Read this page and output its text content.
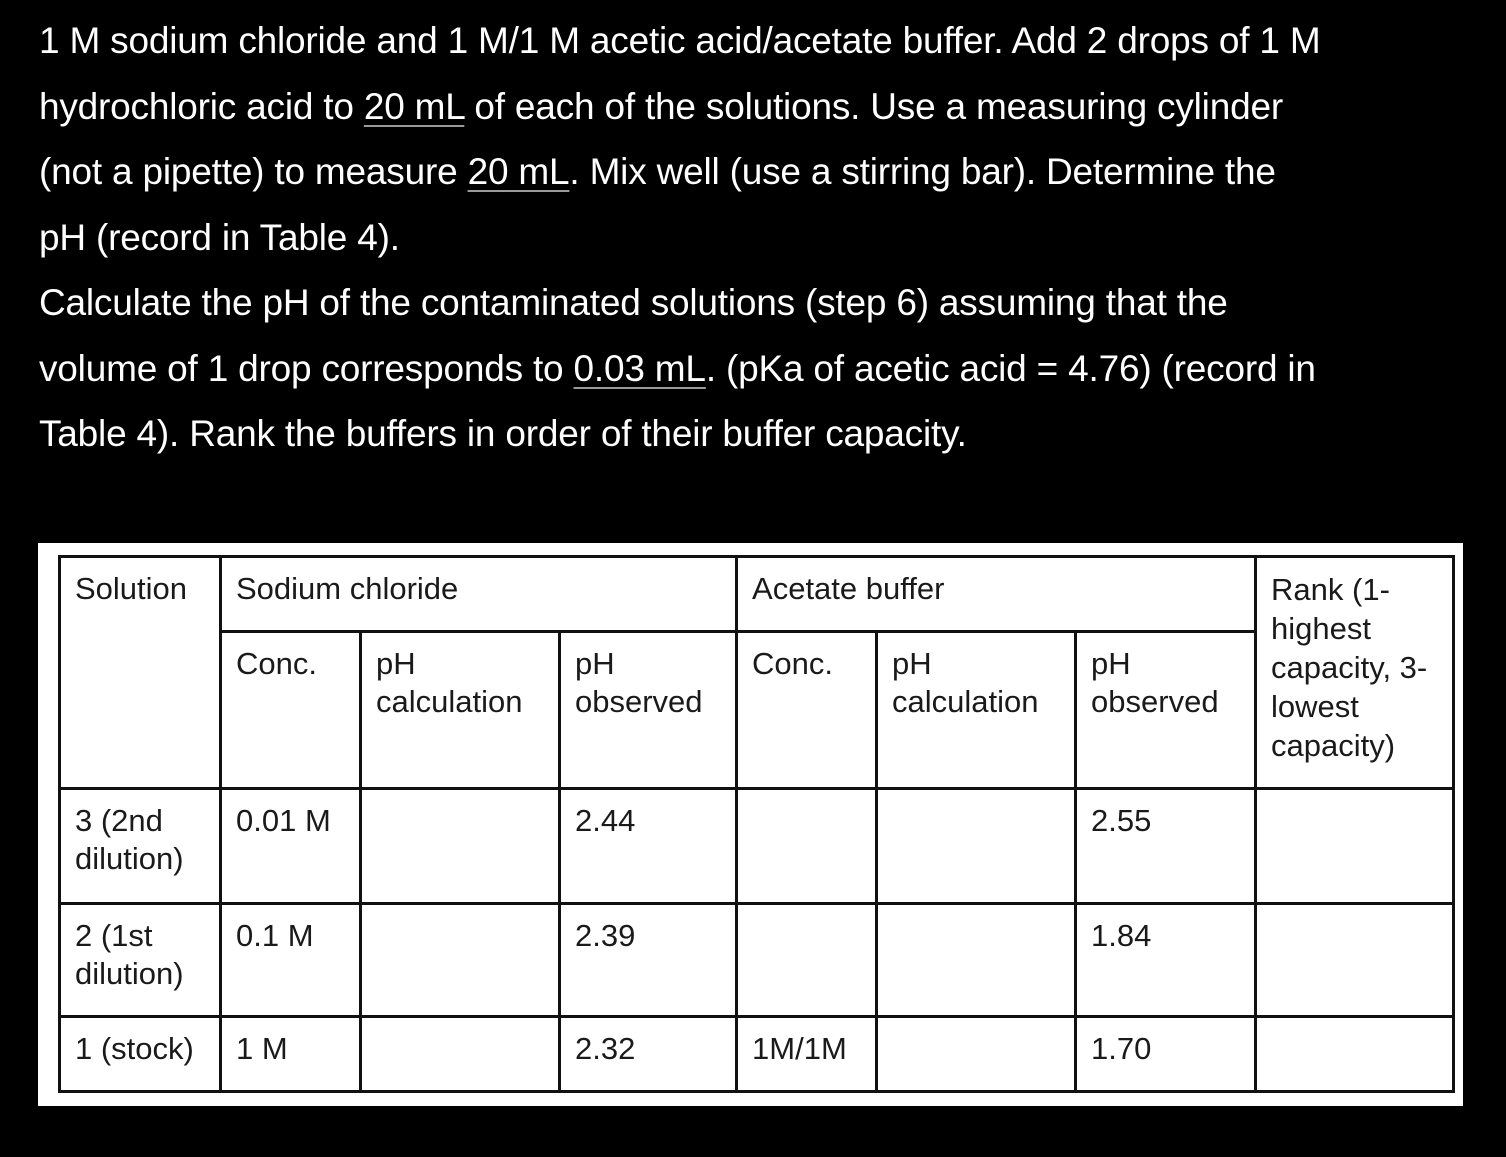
1 M sodium chloride and 1 M/1 M acetic acid/acetate buffer. Add 2 drops of 1 M
hydrochloric acid to 20 mL of each of the solutions. Use a measuring cylinder
(not a pipette) to measure 20 mL. Mix well (use a stirring bar). Determine the
pH (record in Table 4).
Calculate the pH of the contaminated solutions (step 6) assuming that the
volume of 1 drop corresponds to 0.03 mL. (pKa of acetic acid = 4.76) (record in
Table 4). Rank the buffers in order of their buffer capacity.
Solution	Sodium chloride			Acetate buffer			Rank (1-highest capacity, 3-lowest capacity)
	Conc.	pH calculation	pH observed	Conc.	pH calculation	pH observed	
3 (2nd dilution)	0.01 M		2.44			2.55	
2 (1st dilution)	0.1 M		2.39			1.84	
1 (stock)	1 M		2.32	1M/1M		1.70	
